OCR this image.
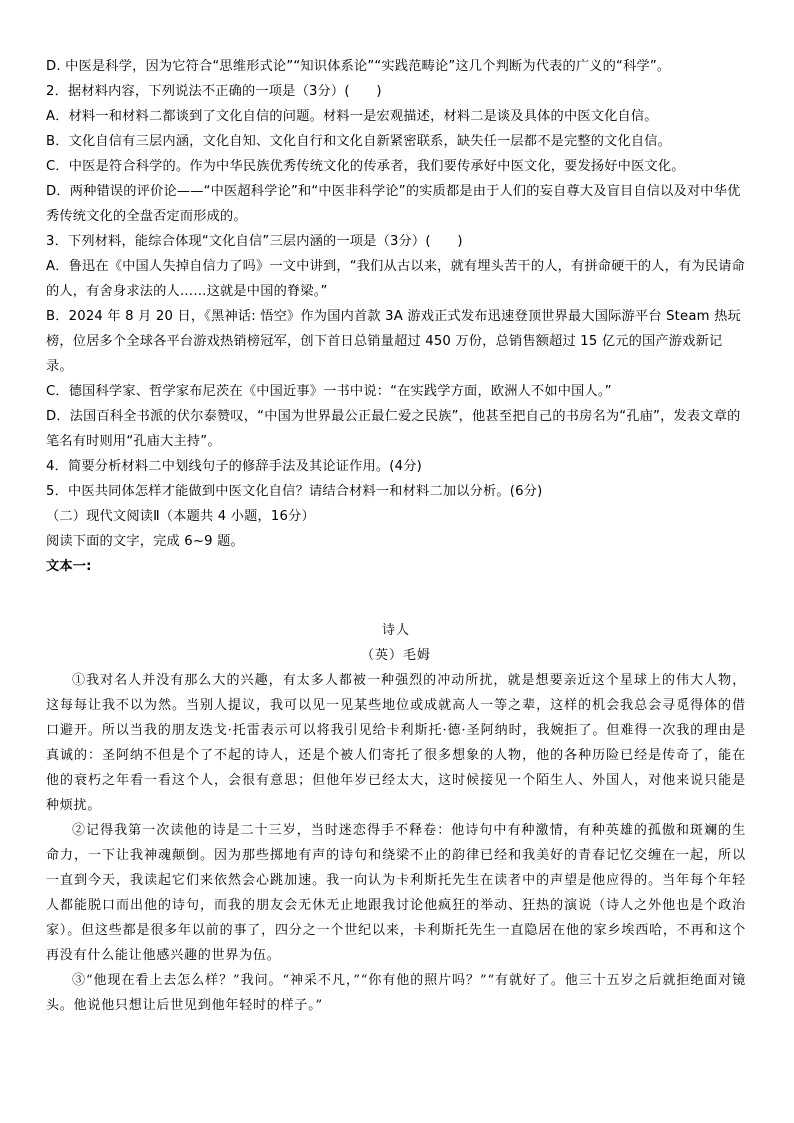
D. 中医是科学，因为它符合“思维形式论”“知识体系论”“实践范畴论”这几个判断为代表的广义的“科学”。

2．据材料内容，下列说法不正确的一项是（3分）(　　)

A．材料一和材料二都谈到了文化自信的问题。材料一是宏观描述，材料二是谈及具体的中医文化自信。

B．文化自信有三层内涵，文化自知、文化自行和文化自新紧密联系，缺失任一层都不是完整的文化自信。

C．中医是符合科学的。作为中华民族优秀传统文化的传承者，我们要传承好中医文化，要发扬好中医文化。

D．两种错误的评价论——“中医超科学论”和“中医非科学论”的实质都是由于人们的妄自尊大及盲目自信以及对中华优秀传统文化的全盘否定而形成的。

3．下列材料，能综合体现“文化自信”三层内涵的一项是（3分）(　　)

A．鲁迅在《中国人失掉自信力了吗》一文中讲到，“我们从古以来，就有埋头苦干的人，有拼命硬干的人，有为民请命的人，有舍身求法的人……这就是中国的脊梁。”

B．2024 年 8 月 20 日，《黑神话: 悟空》作为国内首款 3A 游戏正式发布迅速登顶世界最大国际游平台 Steam 热玩榜，位居多个全球各平台游戏热销榜冠军，创下首日总销量超过 450 万份，总销售额超过 15 亿元的国产游戏新记录。

C．德国科学家、哲学家布尼茨在《中国近事》一书中说：“在实践学方面，欧洲人不如中国人。”

D．法国百科全书派的伏尔泰赞叹，“中国为世界最公正最仁爱之民族”，他甚至把自己的书房名为“孔庙”，发表文章的笔名有时则用“孔庙大主持”。

4．简要分析材料二中划线句子的修辞手法及其论证作用。(4分)

5．中医共同体怎样才能做到中医文化自信？请结合材料一和材料二加以分析。(6分)

（二）现代文阅读Ⅱ（本题共 4 小题，16分）

阅读下面的文字，完成 6~9 题。

文本一:

诗人

（英）毛姆

①我对名人并没有那么大的兴趣，有太多人都被一种强烈的冲动所扰，就是想要亲近这个星球上的伟大人物，这每每让我不以为然。当别人提议，我可以见一见某些地位或成就高人一等之辈，这样的机会我总会寻觅得体的借口避开。所以当我的朋友迭戈·托雷表示可以将我引见给卡利斯托·德·圣阿纳时，我婉拒了。但难得一次我的理由是真诚的：圣阿纳不但是个了不起的诗人，还是个被人们寄托了很多想象的人物，他的各种历险已经是传奇了，能在他的衰朽之年看一看这个人，会很有意思；但他年岁已经太大，这时候接见一个陌生人、外国人，对他来说只能是种烦扰。

②记得我第一次读他的诗是二十三岁，当时迷恋得手不释卷：他诗句中有种激情，有种英雄的孤傲和斑斓的生命力，一下让我神魂颠倒。因为那些掷地有声的诗句和绕梁不止的韵律已经和我美好的青春记忆交缠在一起，所以一直到今天，我读起它们来依然会心跳加速。我一向认为卡利斯托先生在读者中的声望是他应得的。当年每个年轻人都能脱口而出他的诗句，而我的朋友会无休无止地跟我讨论他疯狂的举动、狂热的演说（诗人之外他也是个政治家）。但这些都是很多年以前的事了，四分之一个世纪以来，卡利斯托先生一直隐居在他的家乡埃西哈，不再和这个再没有什么能让他感兴趣的世界为伍。

③“他现在看上去怎么样？”我问。“神采不凡，”“你有他的照片吗？”“有就好了。他三十五岁之后就拒绝面对镜头。他说他只想让后世见到他年轻时的样子。”
